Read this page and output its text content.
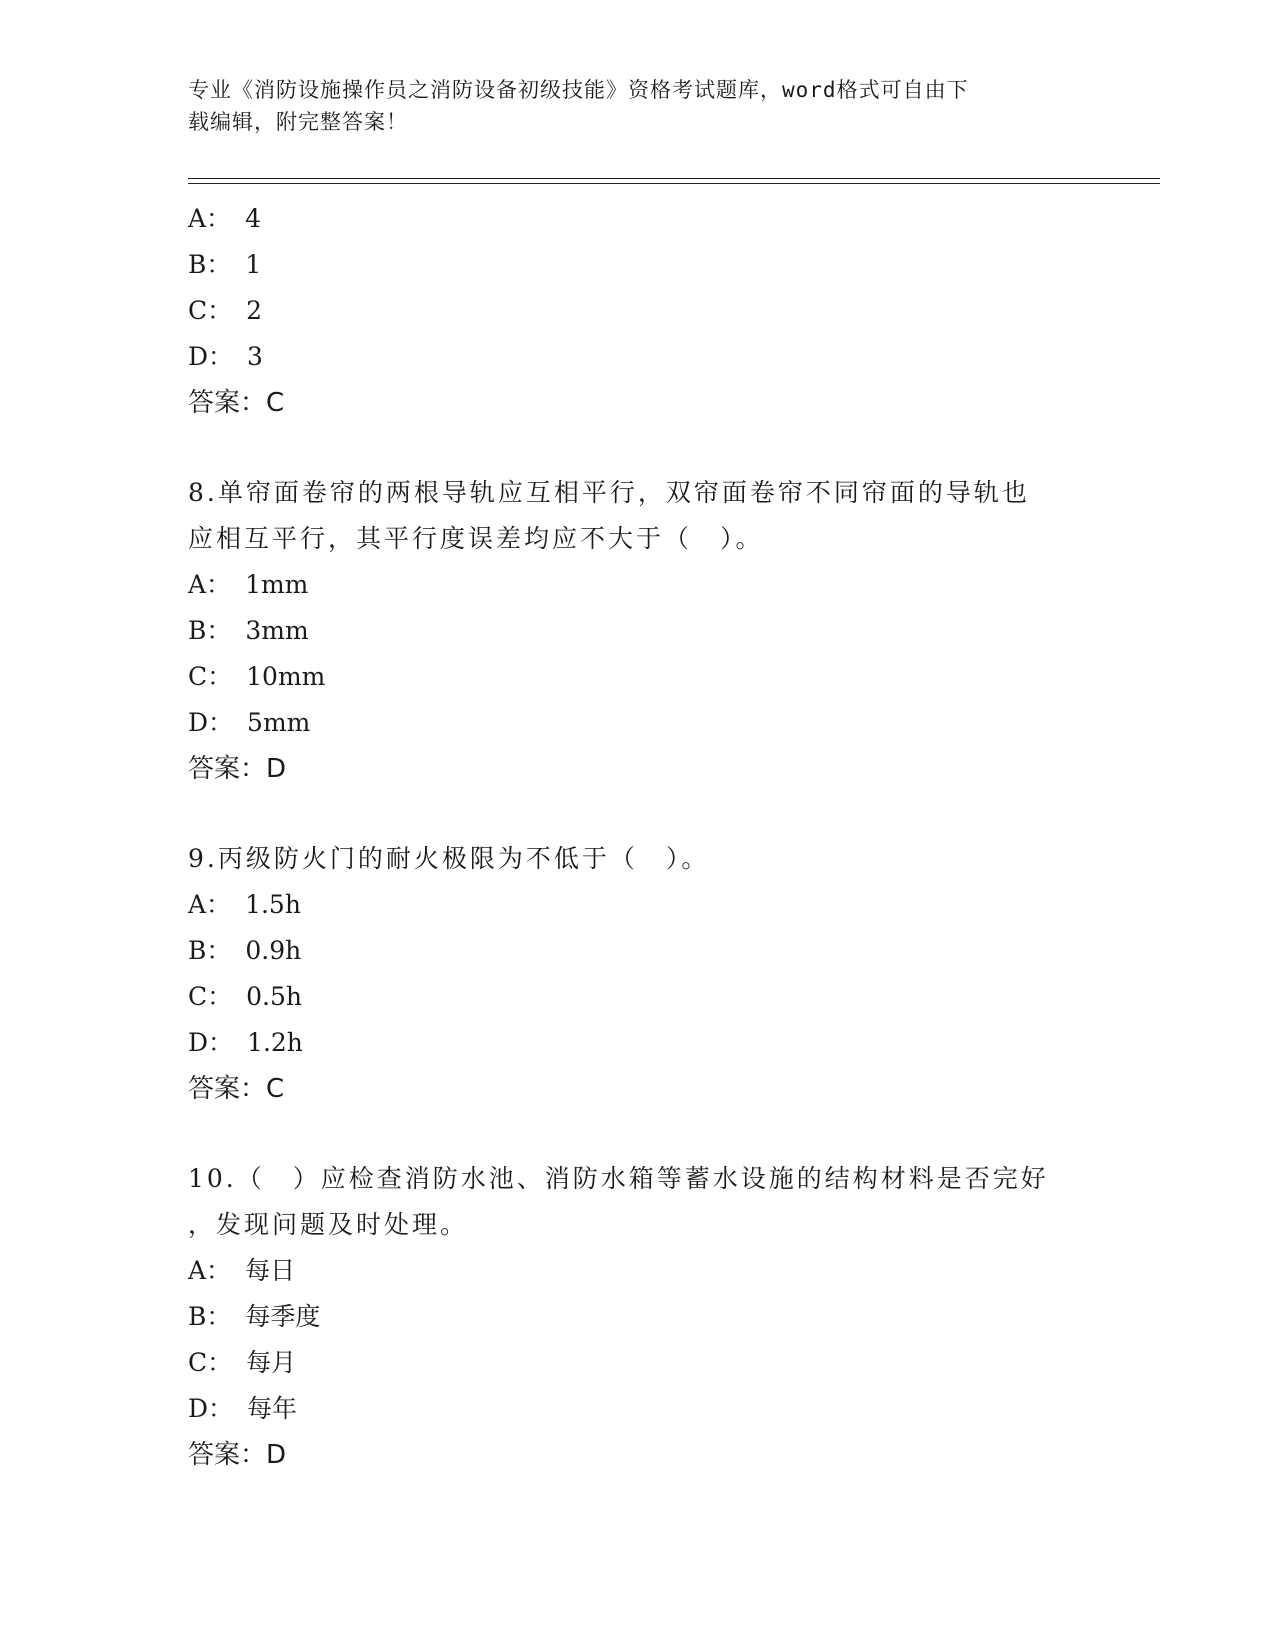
专业《消防设施操作员之消防设备初级技能》资格考试题库，word格式可自由下
载编辑，附完整答案！
A： 4
B： 1
C： 2
D： 3
答案：C
8.单帘面卷帘的两根导轨应互相平行，双帘面卷帘不同帘面的导轨也
应相互平行，其平行度误差均应不大于（　）。
A： 1mm
B： 3mm
C： 10mm
D： 5mm
答案：D
9.丙级防火门的耐火极限为不低于（　）。
A： 1.5h
B： 0.9h
C： 0.5h
D： 1.2h
答案：C
10.（　）应检查消防水池、消防水箱等蓄水设施的结构材料是否完好
，发现问题及时处理。
A： 每日
B： 每季度
C： 每月
D： 每年
答案：D
